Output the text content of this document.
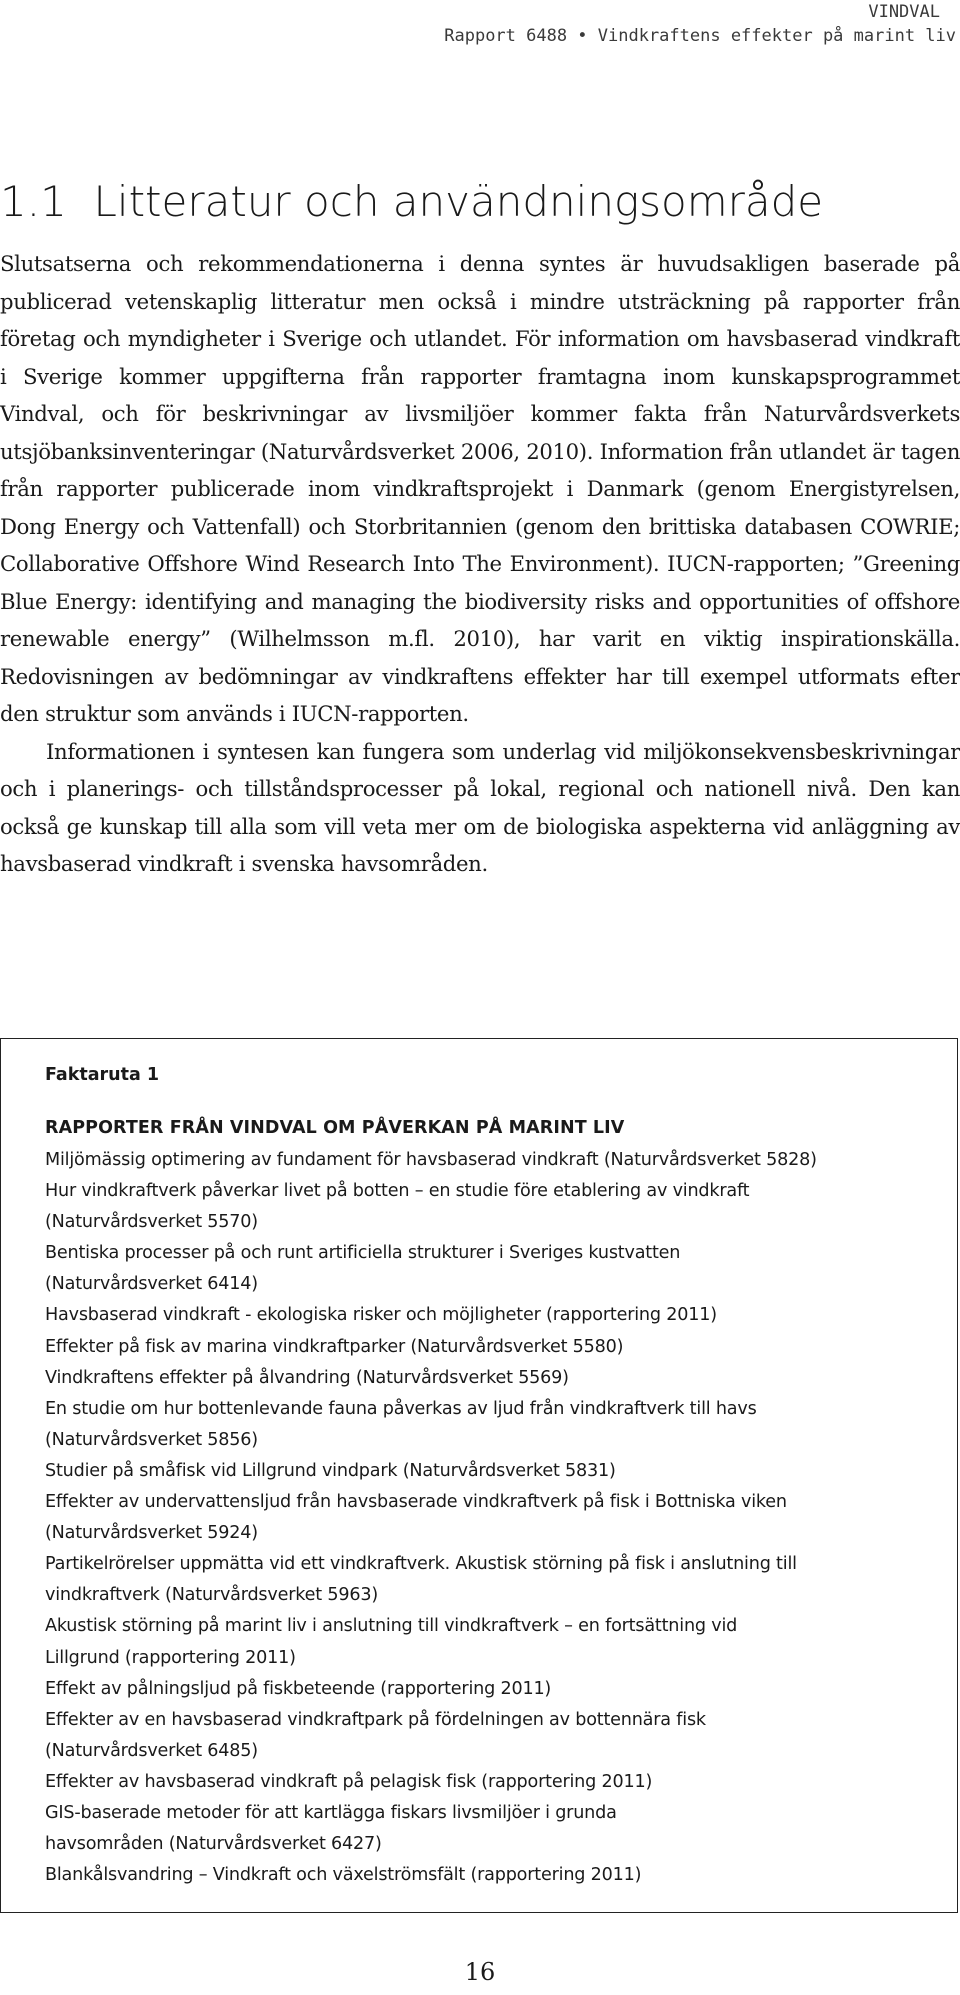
VINDVAL
Rapport 6488 • Vindkraftens effekter på marint liv
1.1 Litteratur och användningsområde

Slutsatserna och rekommendationerna i denna syntes är huvudsakligen baserade på publicerad vetenskaplig litteratur men också i mindre utsträckning på rapporter från företag och myndigheter i Sverige och utlandet. För information om havsbaserad vindkraft i Sverige kommer uppgifterna från rapporter framtagna inom kunskapsprogrammet Vindval, och för beskrivningar av livsmiljöer kommer fakta från Naturvårdsverkets utsjöbanksinventeringar (Naturvårdsverket 2006, 2010). Information från utlandet är tagen från rapporter publicerade inom vindkraftsprojekt i Danmark (genom Energistyrelsen, Dong Energy och Vattenfall) och Storbritannien (genom den brittiska databasen COWRIE; Collaborative Offshore Wind Research Into The Environment). IUCN-rapporten; ”Greening Blue Energy: identifying and managing the biodiversity risks and opportunities of offshore renewable energy” (Wilhelmsson m.fl. 2010), har varit en viktig inspirationskälla. Redovisningen av bedömningar av vindkraftens effekter har till exempel utformats efter den struktur som används i IUCN-rapporten.

Informationen i syntesen kan fungera som underlag vid miljökonsekvensbeskrivningar och i planerings- och tillståndsprocesser på lokal, regional och nationell nivå. Den kan också ge kunskap till alla som vill veta mer om de biologiska aspekterna vid anläggning av havsbaserad vindkraft i svenska havsområden.

Faktaruta 1
RAPPORTER FRÅN VINDVAL OM PÅVERKAN PÅ MARINT LIV
Miljömässig optimering av fundament för havsbaserad vindkraft (Naturvårdsverket 5828)
Hur vindkraftverk påverkar livet på botten – en studie före etablering av vindkraft
(Naturvårdsverket 5570)
Bentiska processer på och runt artificiella strukturer i Sveriges kustvatten
(Naturvårdsverket 6414)
Havsbaserad vindkraft - ekologiska risker och möjligheter (rapportering 2011)
Effekter på fisk av marina vindkraftparker (Naturvårdsverket 5580)
Vindkraftens effekter på ålvandring (Naturvårdsverket 5569)
En studie om hur bottenlevande fauna påverkas av ljud från vindkraftverk till havs
(Naturvårdsverket 5856)
Studier på småfisk vid Lillgrund vindpark (Naturvårdsverket 5831)
Effekter av undervattensljud från havsbaserade vindkraftverk på fisk i Bottniska viken
(Naturvårdsverket 5924)
Partikelrörelser uppmätta vid ett vindkraftverk. Akustisk störning på fisk i anslutning till
vindkraftverk (Naturvårdsverket 5963)
Akustisk störning på marint liv i anslutning till vindkraftverk – en fortsättning vid
Lillgrund (rapportering 2011)
Effekt av pålningsljud på fiskbeteende (rapportering 2011)
Effekter av en havsbaserad vindkraftpark på fördelningen av bottennära fisk
(Naturvårdsverket 6485)
Effekter av havsbaserad vindkraft på pelagisk fisk (rapportering 2011)
GIS-baserade metoder för att kartlägga fiskars livsmiljöer i grunda
havsområden (Naturvårdsverket 6427)
Blankålsvandring – Vindkraft och växelströmsfält (rapportering 2011)
16
